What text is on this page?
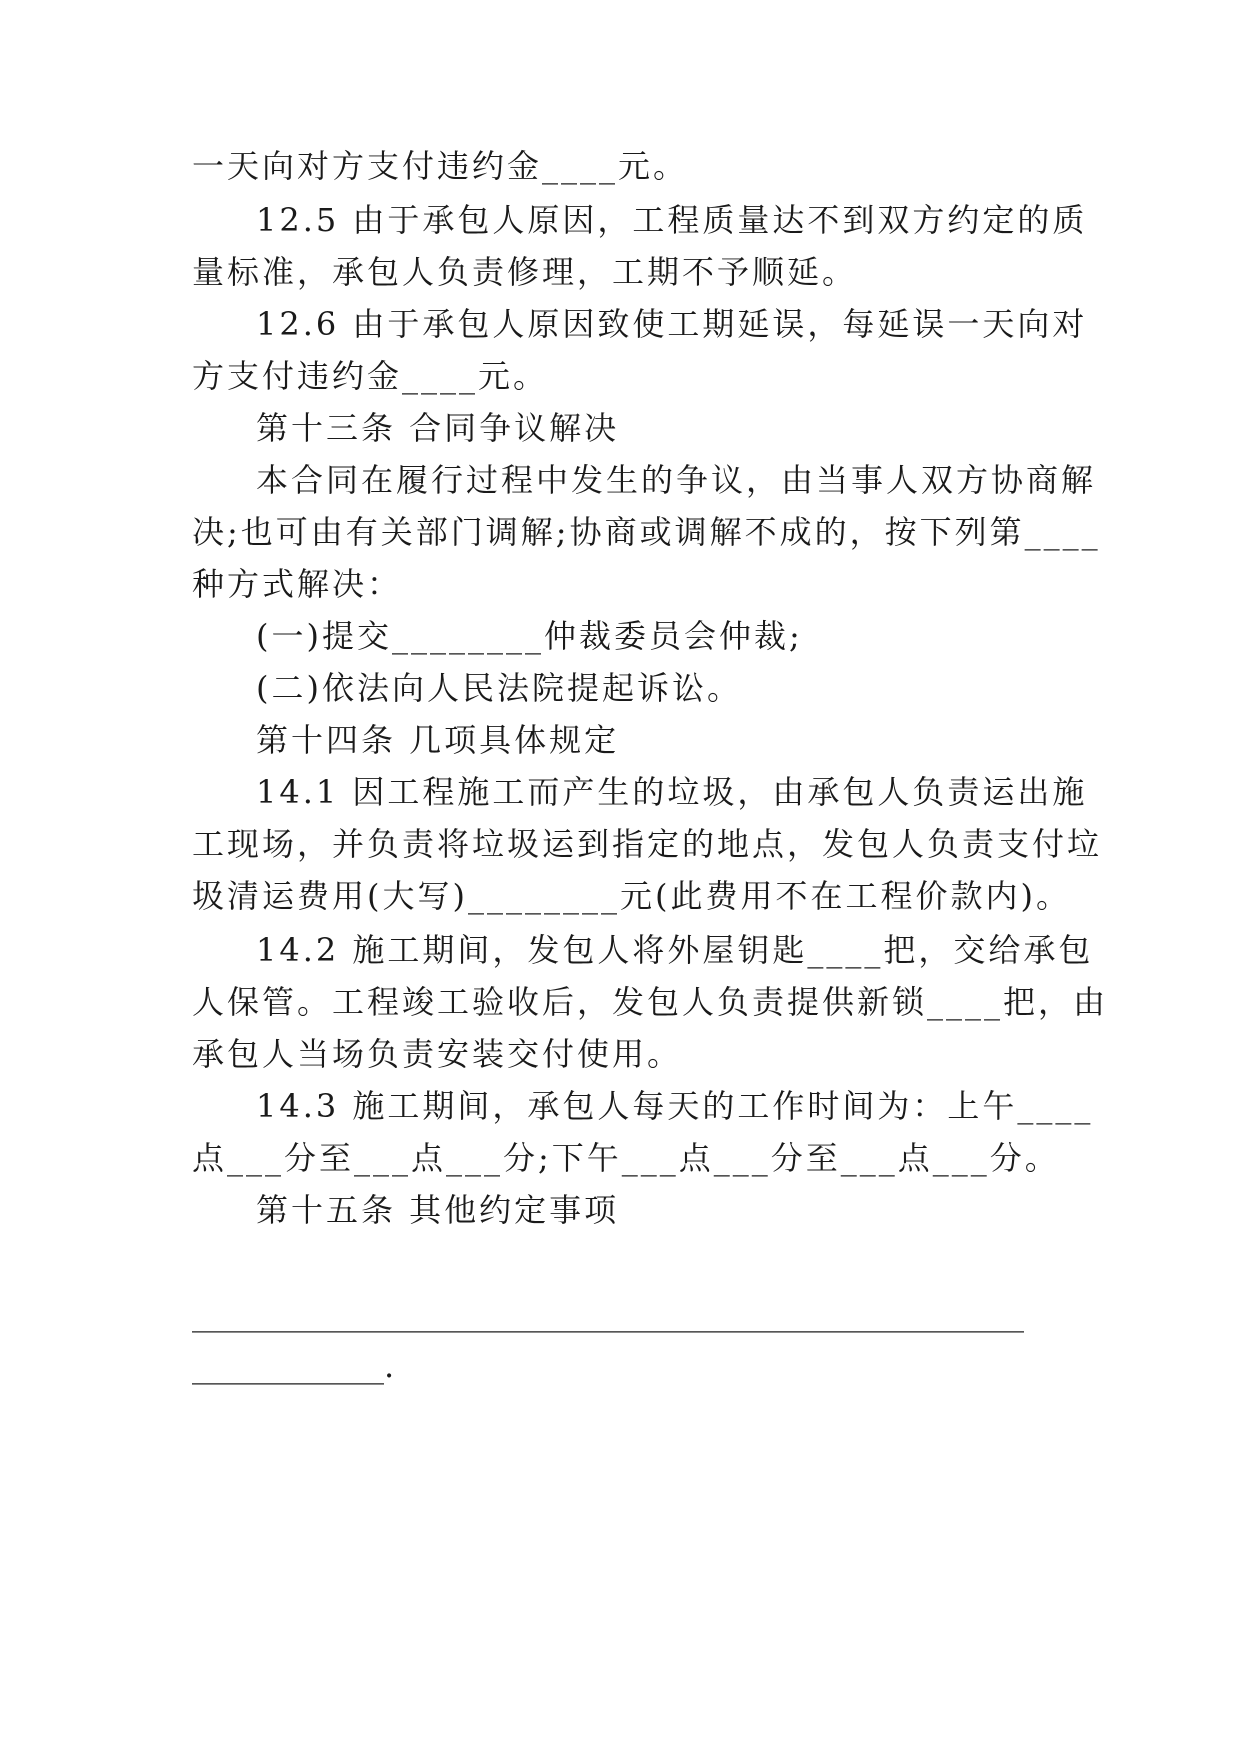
一天向对方支付违约金____元。
12.5 由于承包人原因，工程质量达不到双方约定的质
量标准，承包人负责修理，工期不予顺延。
12.6 由于承包人原因致使工期延误，每延误一天向对
方支付违约金____元。
第十三条 合同争议解决
本合同在履行过程中发生的争议，由当事人双方协商解
决;也可由有关部门调解;协商或调解不成的，按下列第____
种方式解决：
(一)提交________仲裁委员会仲裁;
(二)依法向人民法院提起诉讼。
第十四条 几项具体规定
14.1 因工程施工而产生的垃圾，由承包人负责运出施
工现场，并负责将垃圾运到指定的地点，发包人负责支付垃
圾清运费用(大写)________元(此费用不在工程价款内)。
14.2 施工期间，发包人将外屋钥匙____把，交给承包
人保管。工程竣工验收后，发包人负责提供新锁____把，由
承包人当场负责安装交付使用。
14.3 施工期间，承包人每天的工作时间为：上午____
点___分至___点___分;下午___点___分至___点___分。
第十五条 其他约定事项
____________________________________________________
____________.
